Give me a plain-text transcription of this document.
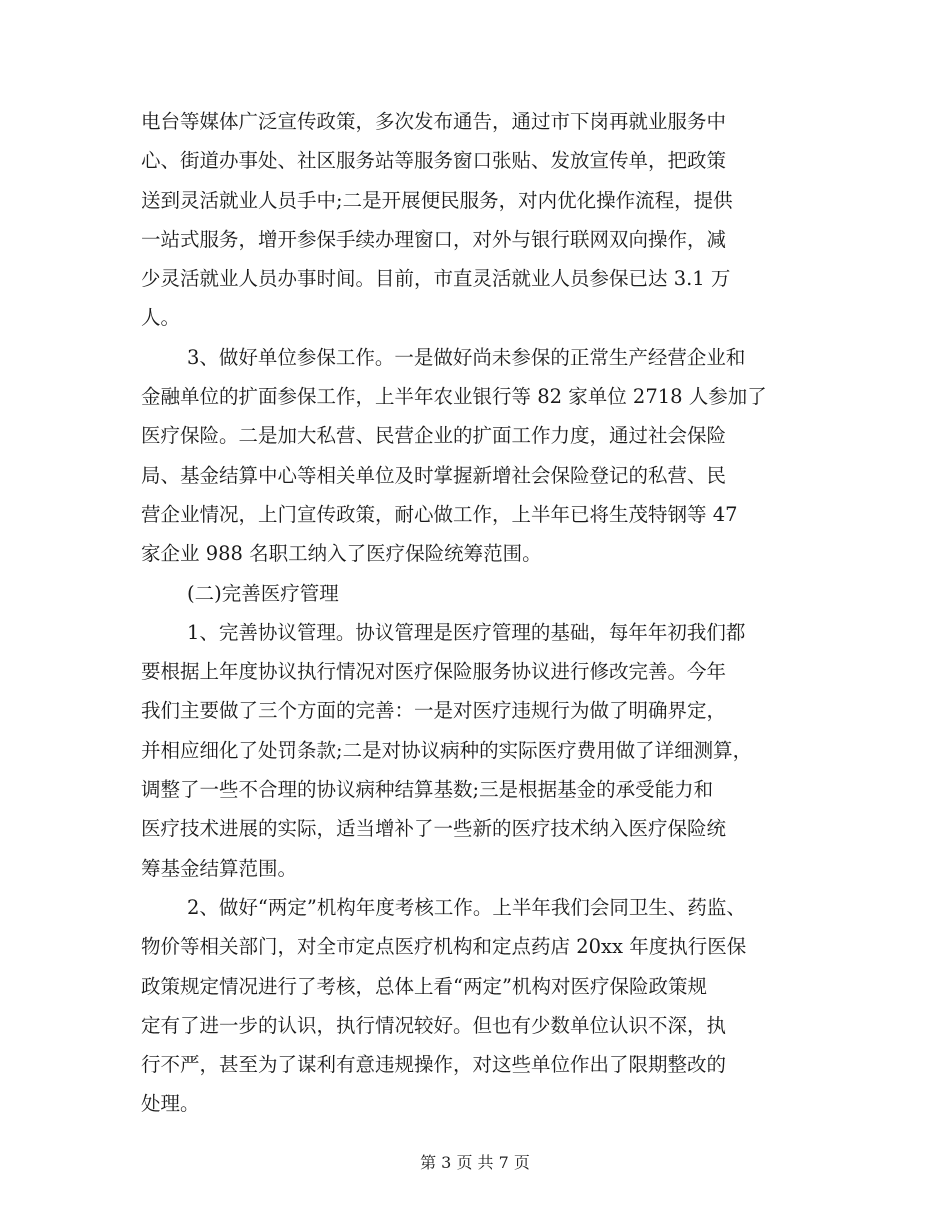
电台等媒体广泛宣传政策，多次发布通告，通过市下岗再就业服务中
心、街道办事处、社区服务站等服务窗口张贴、发放宣传单，把政策
送到灵活就业人员手中;二是开展便民服务，对内优化操作流程，提供
一站式服务，增开参保手续办理窗口，对外与银行联网双向操作，减
少灵活就业人员办事时间。目前，市直灵活就业人员参保已达 3.1 万
人。
3、做好单位参保工作。一是做好尚未参保的正常生产经营企业和
金融单位的扩面参保工作，上半年农业银行等 82 家单位 2718 人参加了
医疗保险。二是加大私营、民营企业的扩面工作力度，通过社会保险
局、基金结算中心等相关单位及时掌握新增社会保险登记的私营、民
营企业情况，上门宣传政策，耐心做工作，上半年已将生茂特钢等 47
家企业 988 名职工纳入了医疗保险统筹范围。
(二)完善医疗管理
1、完善协议管理。协议管理是医疗管理的基础，每年年初我们都
要根据上年度协议执行情况对医疗保险服务协议进行修改完善。今年
我们主要做了三个方面的完善：一是对医疗违规行为做了明确界定，
并相应细化了处罚条款;二是对协议病种的实际医疗费用做了详细测算，
调整了一些不合理的协议病种结算基数;三是根据基金的承受能力和
医疗技术进展的实际，适当增补了一些新的医疗技术纳入医疗保险统
筹基金结算范围。
2、做好“两定”机构年度考核工作。上半年我们会同卫生、药监、
物价等相关部门，对全市定点医疗机构和定点药店 20xx 年度执行医保
政策规定情况进行了考核，总体上看“两定”机构对医疗保险政策规
定有了进一步的认识，执行情况较好。但也有少数单位认识不深，执
行不严，甚至为了谋利有意违规操作，对这些单位作出了限期整改的
处理。
第 3 页 共 7 页
